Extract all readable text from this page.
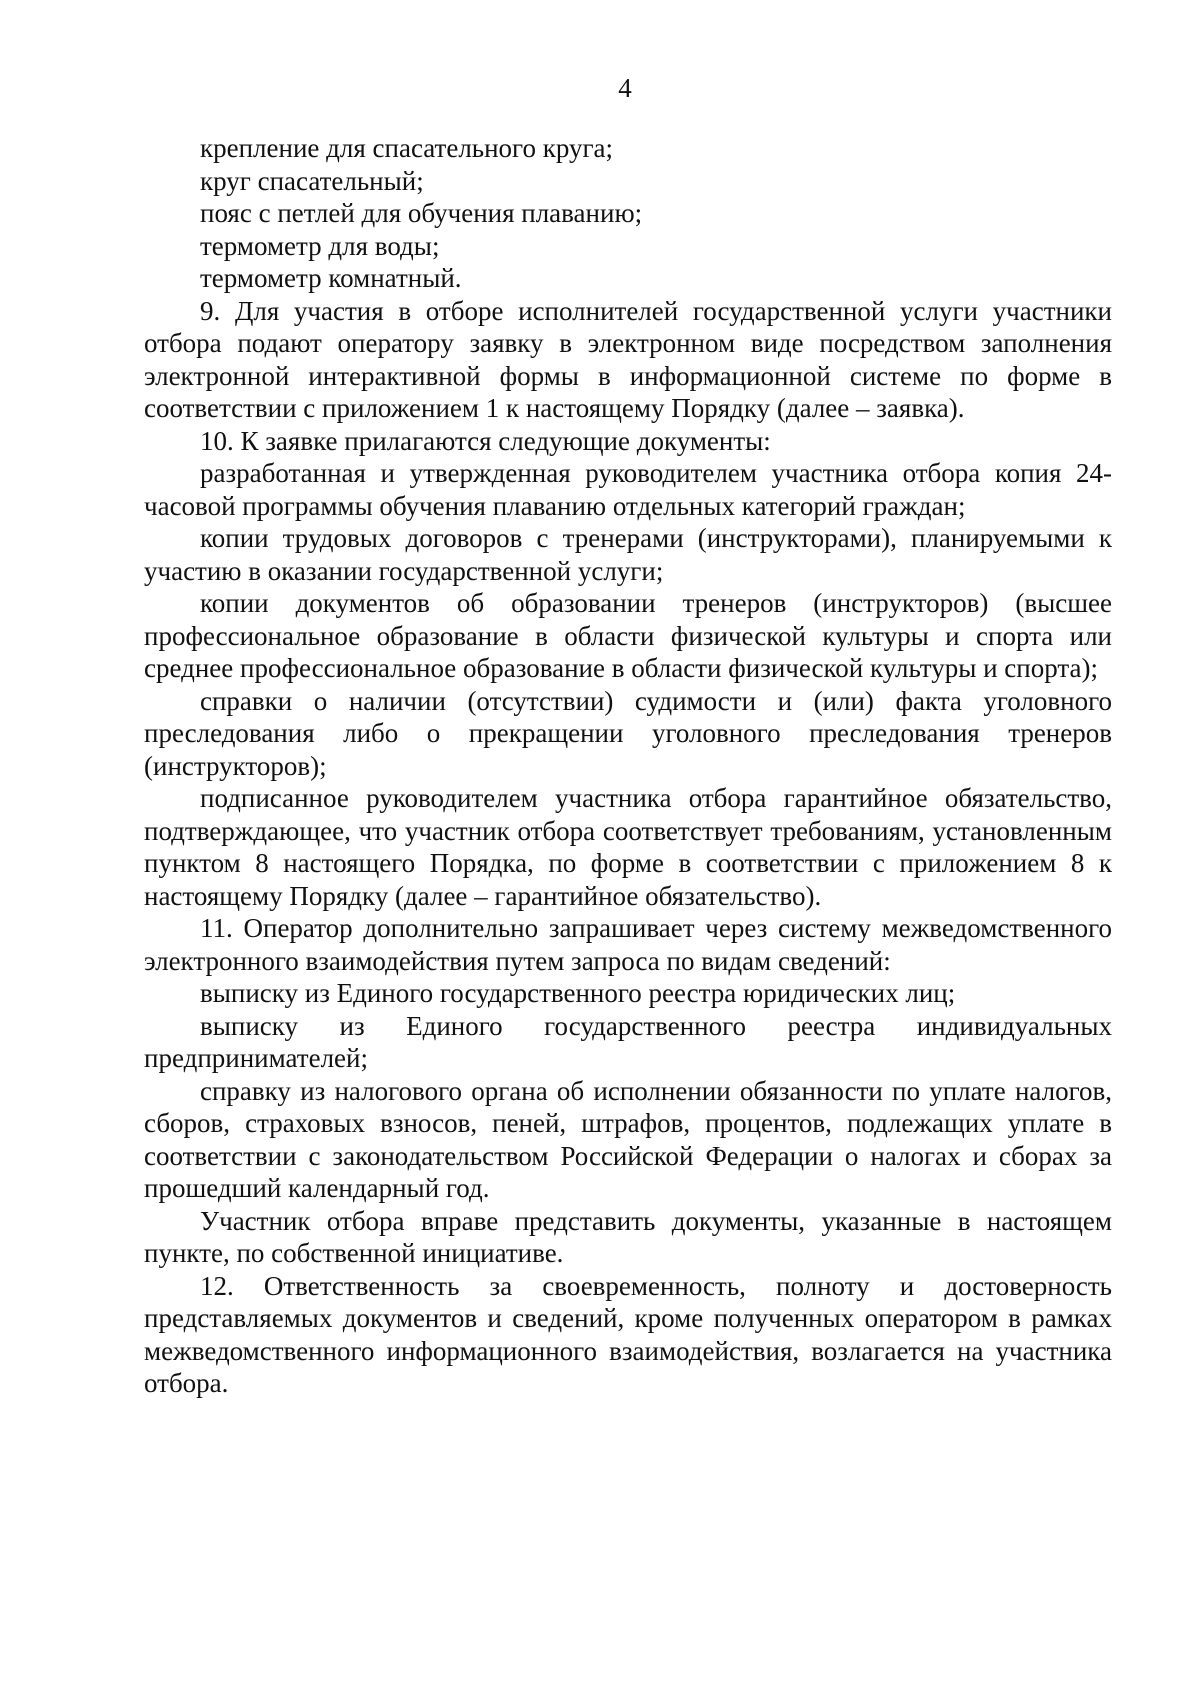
4

крепление для спасательного круга;

круг спасательный;

пояс с петлей для обучения плаванию;

термометр для воды;

термометр комнатный.

9. Для участия в отборе исполнителей государственной услуги участники отбора подают оператору заявку в электронном виде посредством заполнения электронной интерактивной формы в информационной системе по форме в соответствии с приложением 1 к настоящему Порядку (далее – заявка).

10. К заявке прилагаются следующие документы:

разработанная и утвержденная руководителем участника отбора копия 24-часовой программы обучения плаванию отдельных категорий граждан;

копии трудовых договоров с тренерами (инструкторами), планируемыми к участию в оказании государственной услуги;

копии документов об образовании тренеров (инструкторов) (высшее профессиональное образование в области физической культуры и спорта или среднее профессиональное образование в области физической культуры и спорта);

справки о наличии (отсутствии) судимости и (или) факта уголовного преследования либо о прекращении уголовного преследования тренеров (инструкторов);

подписанное руководителем участника отбора гарантийное обязательство, подтверждающее, что участник отбора соответствует требованиям, установленным пунктом 8 настоящего Порядка, по форме в соответствии с приложением 8 к настоящему Порядку (далее – гарантийное обязательство).

11. Оператор дополнительно запрашивает через систему межведомственного электронного взаимодействия путем запроса по видам сведений:

выписку из Единого государственного реестра юридических лиц;

выписку из Единого государственного реестра индивидуальных предпринимателей;

справку из налогового органа об исполнении обязанности по уплате налогов, сборов, страховых взносов, пеней, штрафов, процентов, подлежащих уплате в соответствии с законодательством Российской Федерации о налогах и сборах за прошедший календарный год.

Участник отбора вправе представить документы, указанные в настоящем пункте, по собственной инициативе.

12. Ответственность за своевременность, полноту и достоверность представляемых документов и сведений, кроме полученных оператором в рамках межведомственного информационного взаимодействия, возлагается на участника отбора.
